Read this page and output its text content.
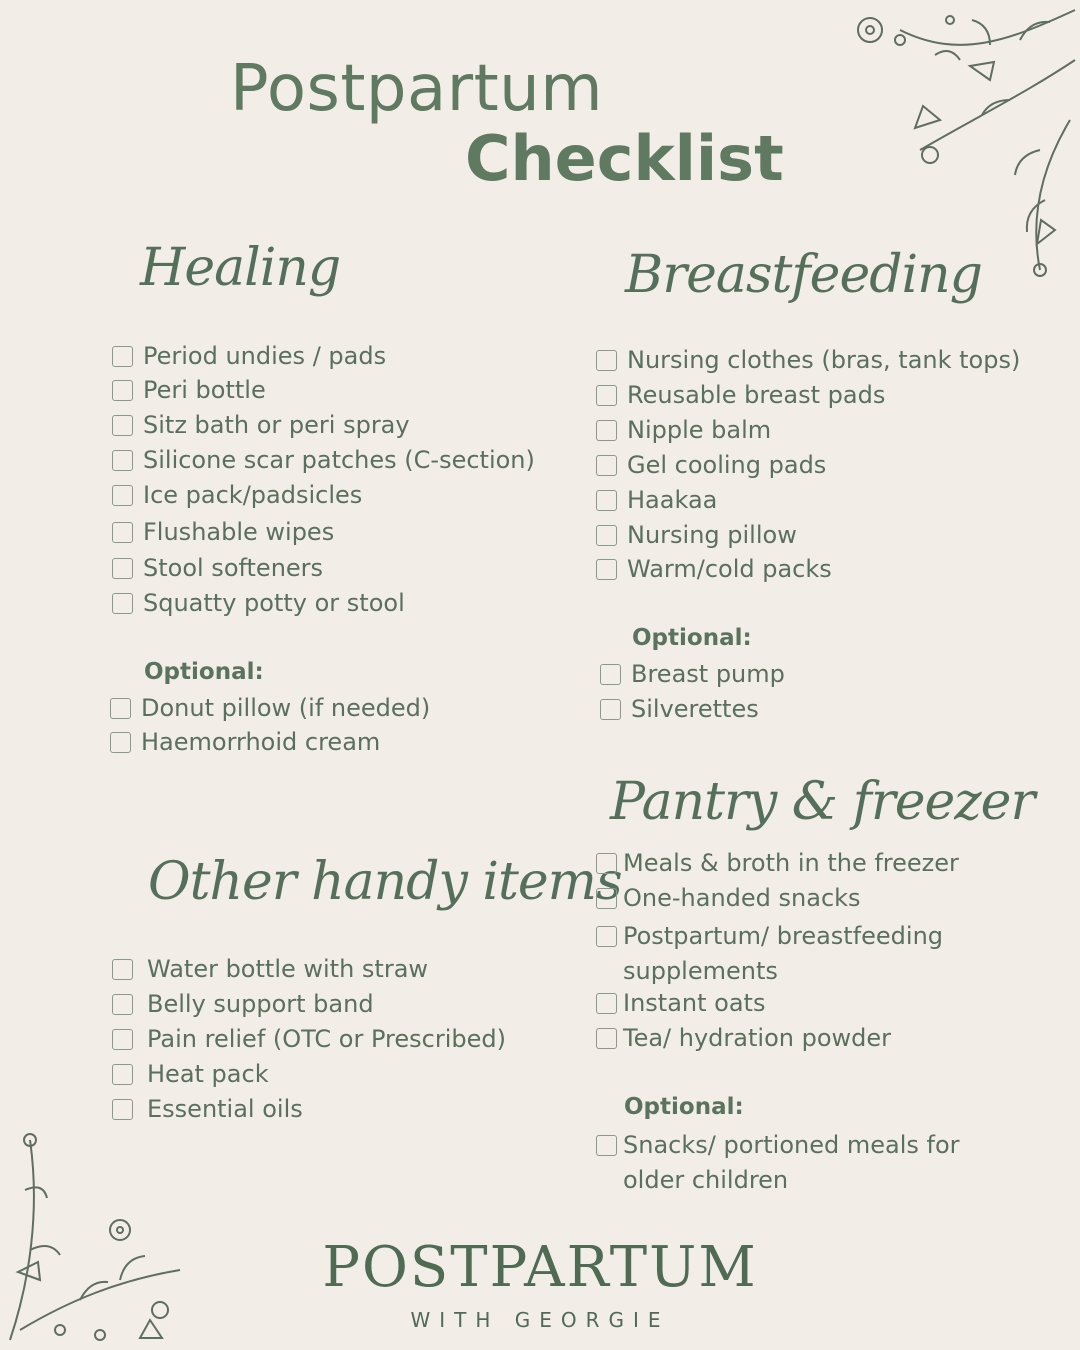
Postpartum
Checklist
Healing	Breastfeeding
Other handy items
Pantry & freezer
Period undies / pads
Peri bottle
Sitz bath or peri spray
Silicone scar patches (C-section)
Ice pack/padsicles
Flushable wipes
Stool softeners
Squatty potty or stool
Optional:
Donut pillow (if needed)
Haemorrhoid cream
Nursing clothes (bras, tank tops)
Reusable breast pads
Nipple balm
Gel cooling pads
Haakaa
Nursing pillow
Warm/cold packs
Optional:
Breast pump
Silverettes
Water bottle with straw
Belly support band
Pain relief (OTC or Prescribed)
Heat pack
Essential oils
Meals & broth in the freezer
One-handed snacks
Postpartum/ breastfeeding supplements
Instant oats
Tea/ hydration powder
Optional:
Snacks/ portioned meals for older children
POSTPARTUM
WITH GEORGIE
